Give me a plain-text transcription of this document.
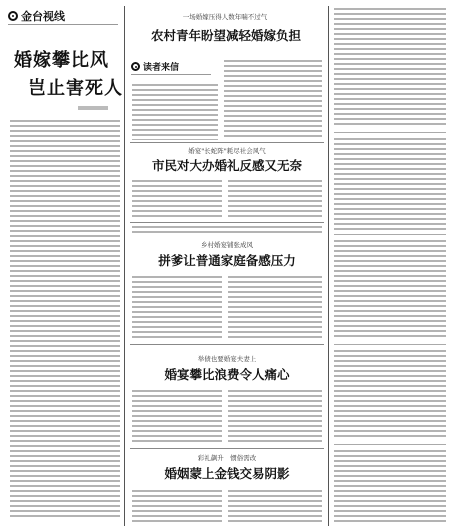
金台视线
婚嫁攀比风
岂止害死人
一场婚嫁压得人数年喘不过气
农村青年盼望减轻婚嫁负担
读者来信
婚宴"长蛇阵"耗尽社会风气
市民对大办婚礼反感又无奈
乡村婚宴铺张成风
拼爹让普通家庭备感压力
举债也要婚宴夫妻上
婚宴攀比浪费令人痛心
彩礼飙升　惯俗需改
婚姻蒙上金钱交易阴影
